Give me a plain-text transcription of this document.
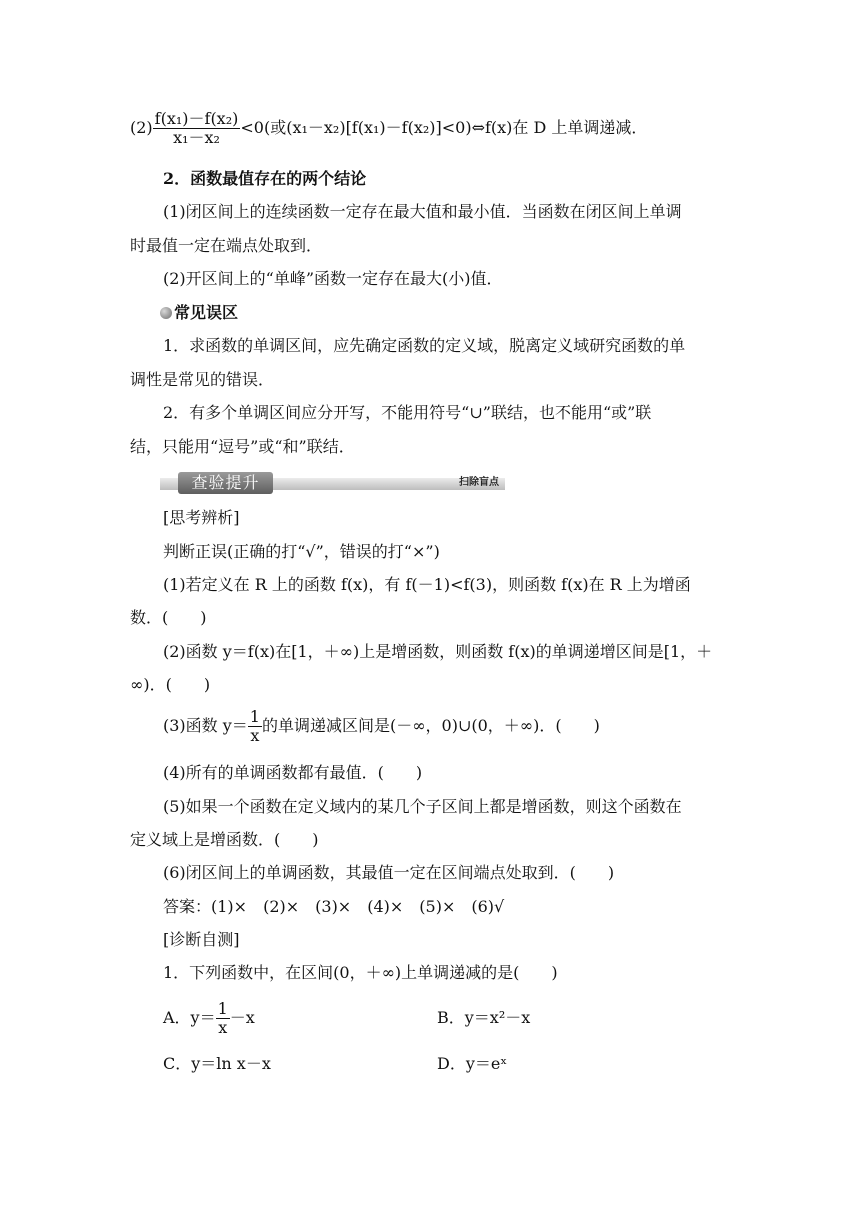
$(2) \frac{\text{f(x₁)－f(x₂)}}{\text{x₁－x₂}} <0$(或(x₁－x₂)[f(x₁)－f(x₂)]<0)⇔f(x)在 D 上单调递减．
2．函数最值存在的两个结论
(1)闭区间上的连续函数一定存在最大值和最小值．当函数在闭区间上单调
时最值一定在端点处取到．
(2)开区间上的“单峰”函数一定存在最大(小)值．
常见误区
1．求函数的单调区间，应先确定函数的定义域，脱离定义域研究函数的单
调性是常见的错误．
2．有多个单调区间应分开写，不能用符号“∪”联结，也不能用“或”联
结，只能用“逗号”或“和”联结．
查验提升	扫除盲点
[思考辨析]
判断正误(正确的打“√”，错误的打“×”)
(1)若定义在 R 上的函数 f(x)，有 f(－1)<f(3)，则函数 f(x)在 R 上为增函
数．(　　)
(2)函数 y＝f(x)在[1，＋∞)上是增函数，则函数 f(x)的单调递增区间是[1，＋
∞)．(　　)
(3)函数 $y= \frac{1}{x}$ 的单调递减区间是(－∞，0)∪(0，＋∞)．(　　)
(4)所有的单调函数都有最值．(　　)
(5)如果一个函数在定义域内的某几个子区间上都是增函数，则这个函数在
定义域上是增函数．(　　)
(6)闭区间上的单调函数，其最值一定在区间端点处取到．(　　)
答案：(1)×　(2)×　(3)×　(4)×　(5)×　(6)√
[诊断自测]
1．下列函数中，在区间(0，＋∞)上单调递减的是(　　)
A．$y= \frac{1}{x} -x$	B．y＝x²－x
C．y＝ln x－x	D．y＝eˣ
